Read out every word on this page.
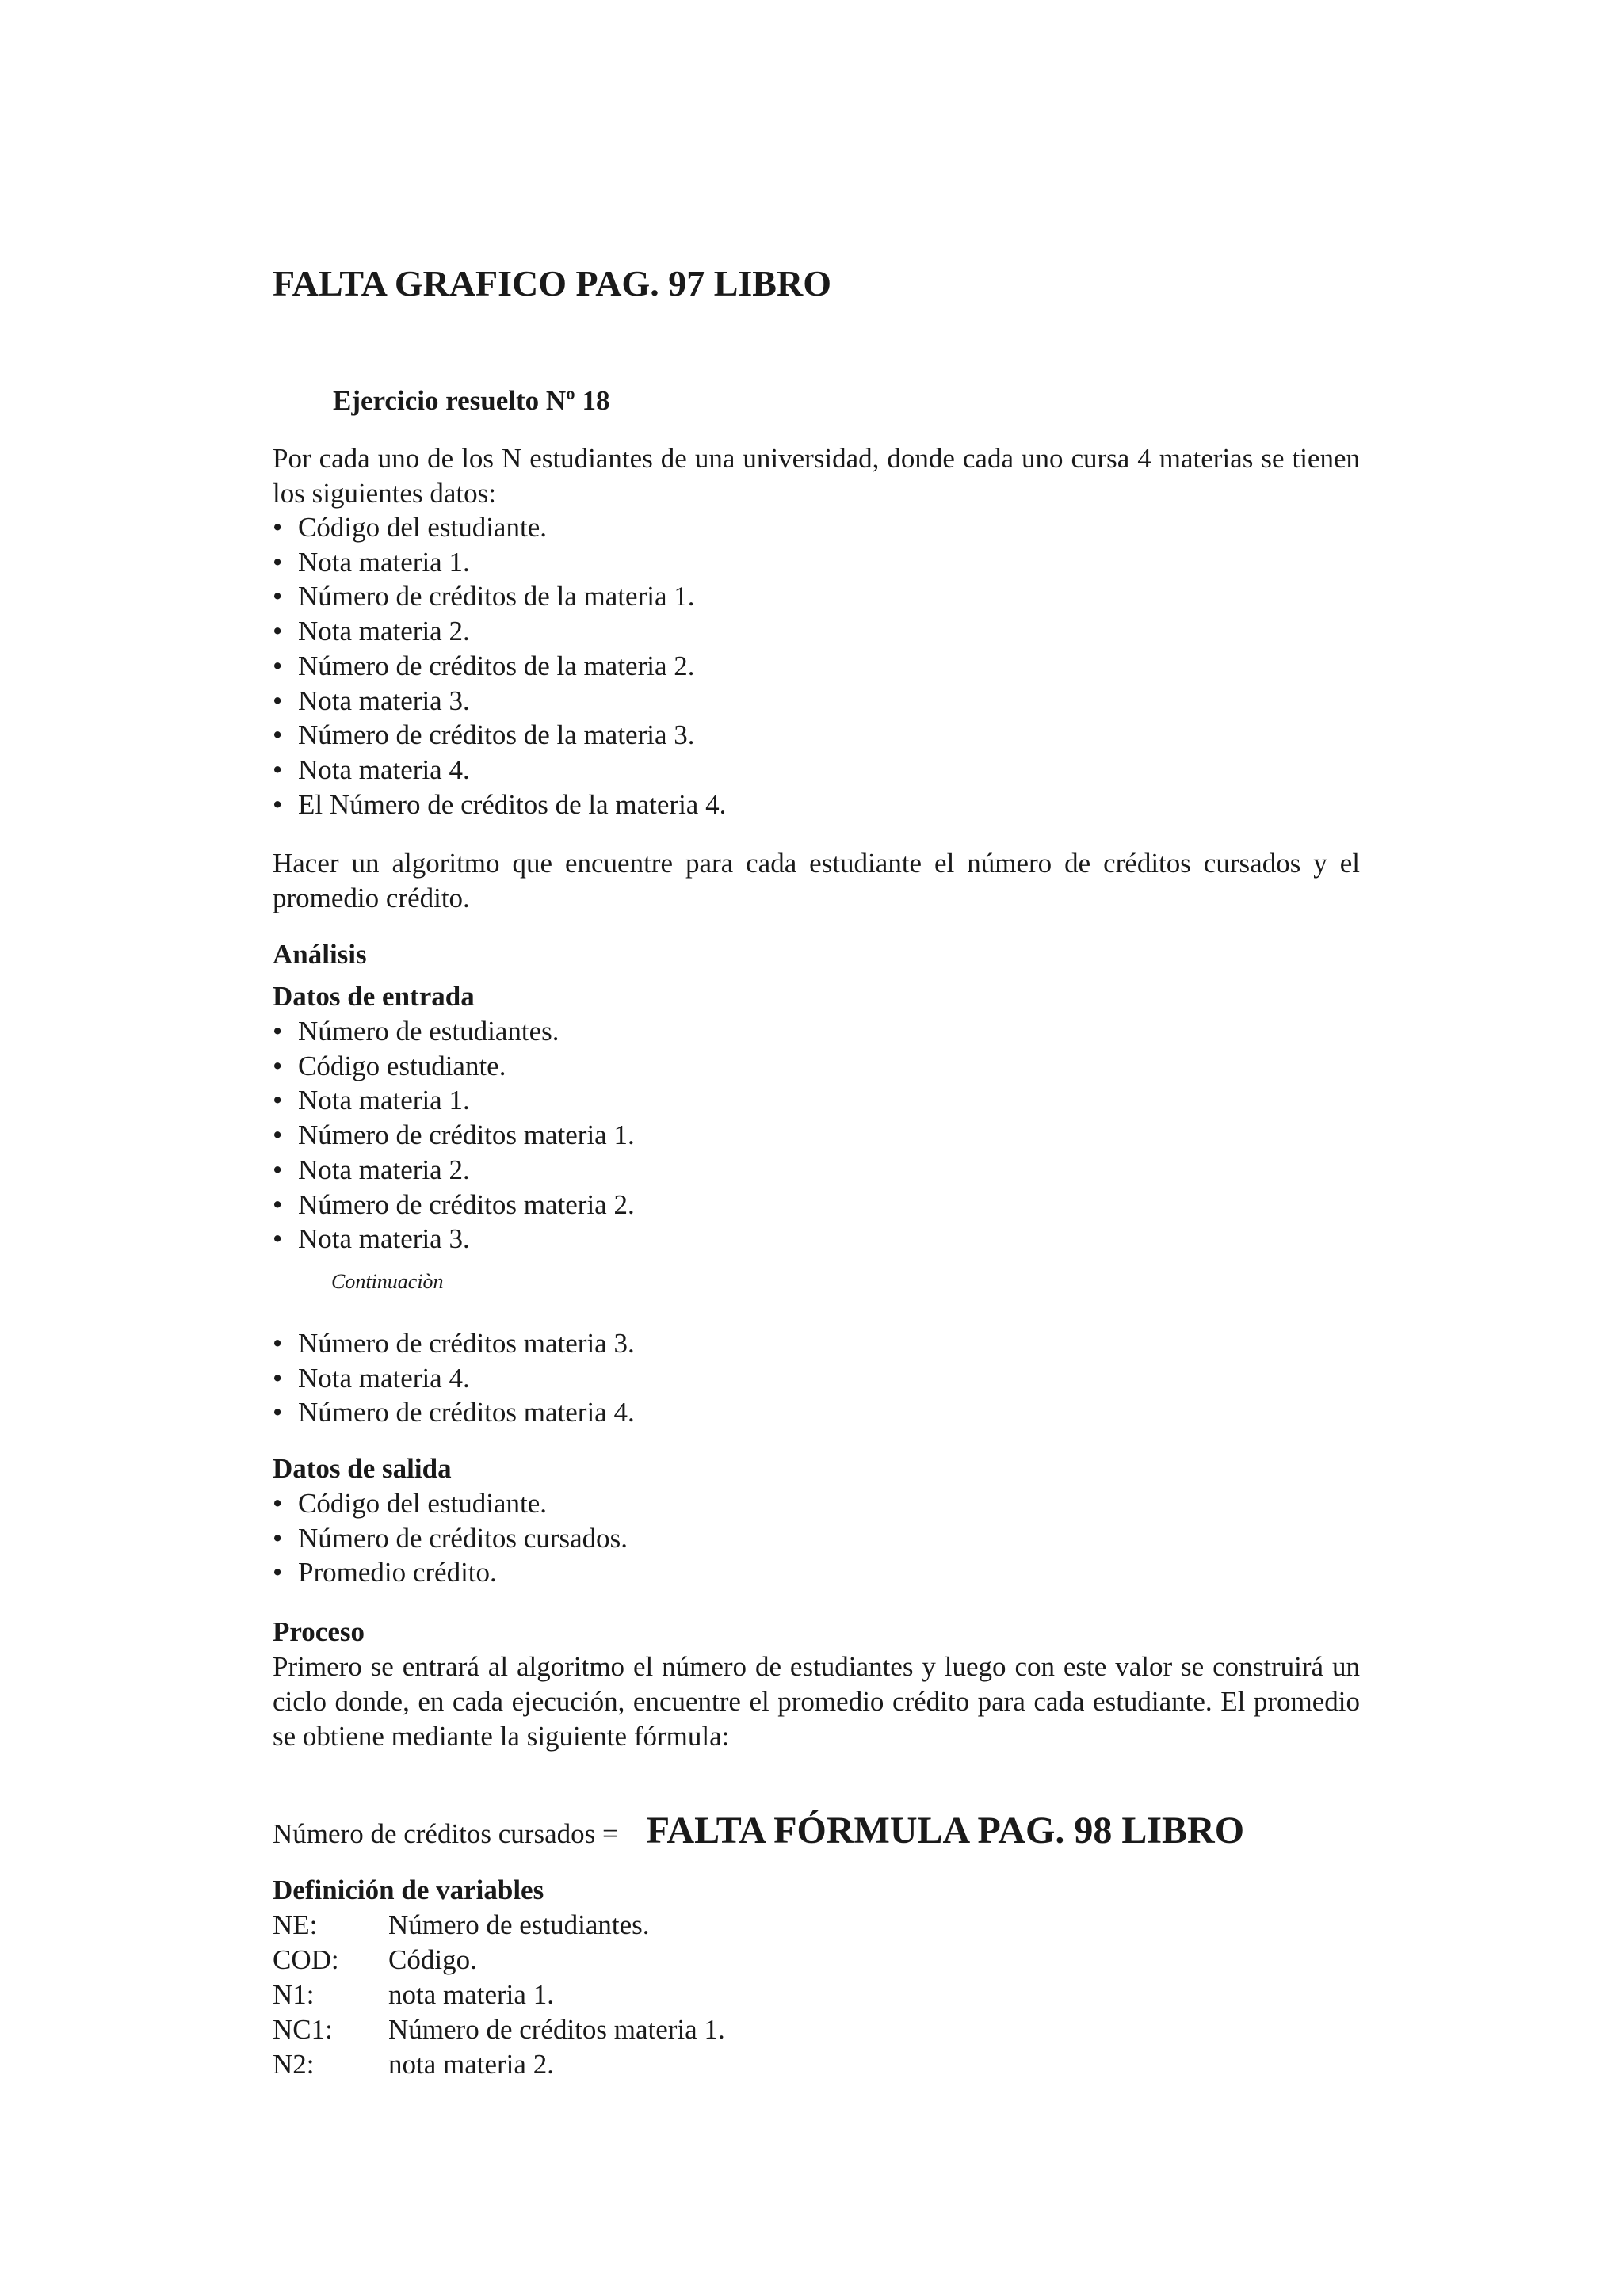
FALTA GRAFICO PAG. 97 LIBRO
Ejercicio resuelto Nº 18
Por cada uno de los N estudiantes de una universidad, donde cada uno cursa 4 materias se tienen los siguientes datos:
• Código del estudiante.
• Nota materia 1.
• Número de créditos de la materia 1.
• Nota materia 2.
• Número de créditos de la materia 2.
• Nota materia 3.
• Número de créditos de la materia 3.
• Nota materia 4.
• El Número de créditos de la materia 4.
Hacer un algoritmo que encuentre para cada estudiante el número de créditos cursados y el promedio crédito.
Análisis
Datos de entrada
• Número de estudiantes.
• Código estudiante.
• Nota materia 1.
• Número de créditos materia 1.
• Nota materia 2.
• Número de créditos materia 2.
• Nota materia 3.
Continuaciòn
• Número de créditos materia 3.
• Nota materia 4.
• Número de créditos materia 4.
Datos de salida
• Código del estudiante.
• Número de créditos cursados.
• Promedio crédito.
Proceso
Primero se entrará al algoritmo el número de estudiantes y luego con este valor se construirá un ciclo donde, en cada ejecución, encuentre el promedio crédito para cada estudiante. El promedio se obtiene mediante la siguiente fórmula:
Número de créditos cursados = FALTA FÓRMULA PAG. 98 LIBRO
Definición de variables
NE:	Número de estudiantes.
COD: Código.
N1:	nota materia 1.
NC1: Número de créditos materia 1.
N2:	nota materia 2.
